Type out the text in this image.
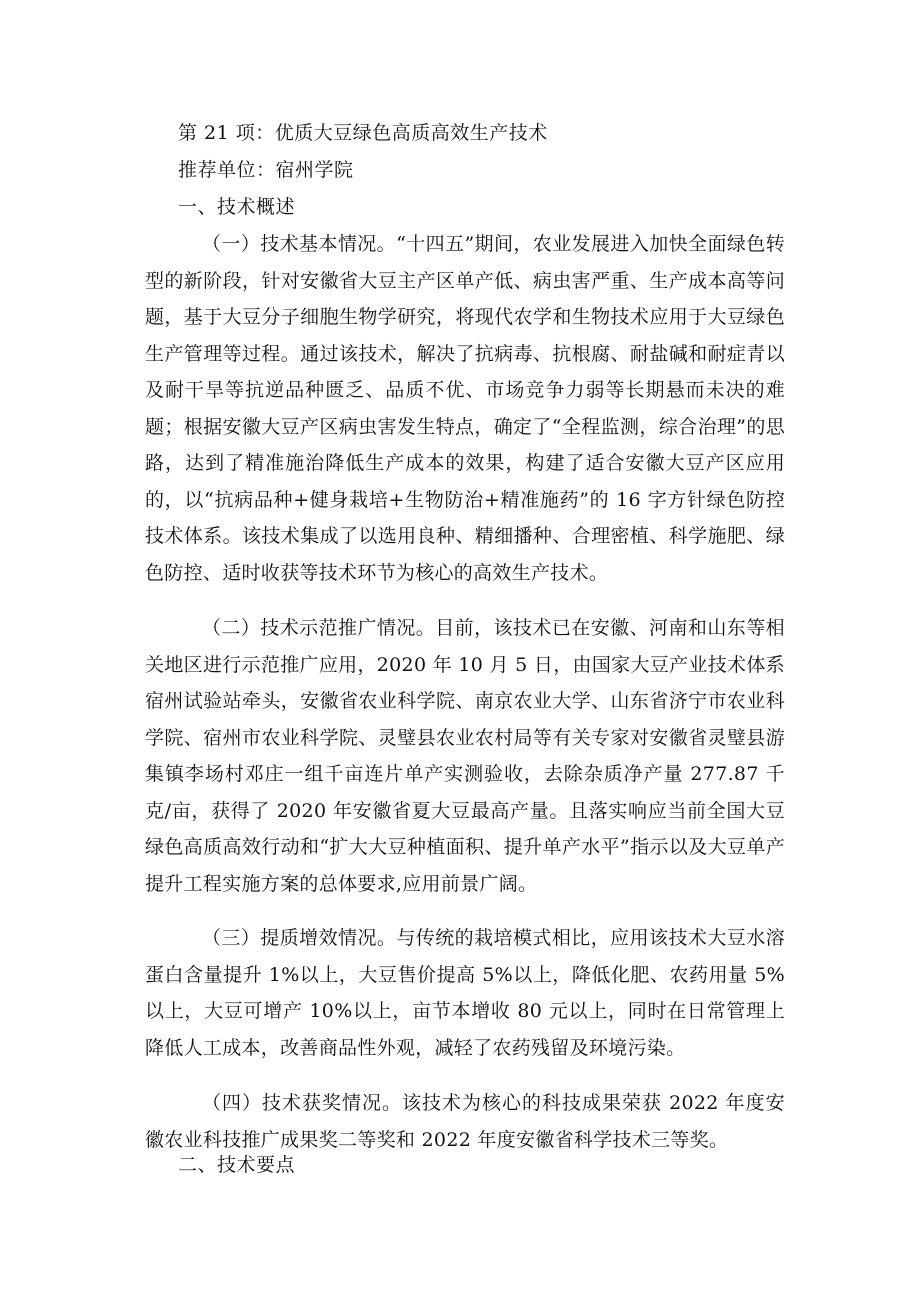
第 21 项：优质大豆绿色高质高效生产技术
推荐单位：宿州学院
一、技术概述

（一）技术基本情况。“十四五”期间，农业发展进入加快全面绿色转型的新阶段，针对安徽省大豆主产区单产低、病虫害严重、生产成本高等问题，基于大豆分子细胞生物学研究，将现代农学和生物技术应用于大豆绿色生产管理等过程。通过该技术，解决了抗病毒、抗根腐、耐盐碱和耐症青以及耐干旱等抗逆品种匮乏、品质不优、市场竞争力弱等长期悬而未决的难题；根据安徽大豆产区病虫害发生特点，确定了“全程监测，综合治理”的思路，达到了精准施治降低生产成本的效果，构建了适合安徽大豆产区应用的，以“抗病品种+健身栽培+生物防治+精准施药”的 16 字方针绿色防控技术体系。该技术集成了以选用良种、精细播种、合理密植、科学施肥、绿色防控、适时收获等技术环节为核心的高效生产技术。

（二）技术示范推广情况。目前，该技术已在安徽、河南和山东等相关地区进行示范推广应用，2020 年 10 月 5 日，由国家大豆产业技术体系宿州试验站牵头，安徽省农业科学院、南京农业大学、山东省济宁市农业科学院、宿州市农业科学院、灵璧县农业农村局等有关专家对安徽省灵璧县游集镇李场村邓庄一组千亩连片单产实测验收，去除杂质净产量 277.87 千克/亩，获得了 2020 年安徽省夏大豆最高产量。且落实响应当前全国大豆绿色高质高效行动和“扩大大豆种植面积、提升单产水平”指示以及大豆单产提升工程实施方案的总体要求,应用前景广阔。

（三）提质增效情况。与传统的栽培模式相比，应用该技术大豆水溶蛋白含量提升 1%以上，大豆售价提高 5%以上，降低化肥、农药用量 5%以上，大豆可增产 10%以上，亩节本增收 80 元以上，同时在日常管理上降低人工成本，改善商品性外观，减轻了农药残留及环境污染。

（四）技术获奖情况。该技术为核心的科技成果荣获 2022 年度安徽农业科技推广成果奖二等奖和 2022 年度安徽省科学技术三等奖。

二、技术要点
